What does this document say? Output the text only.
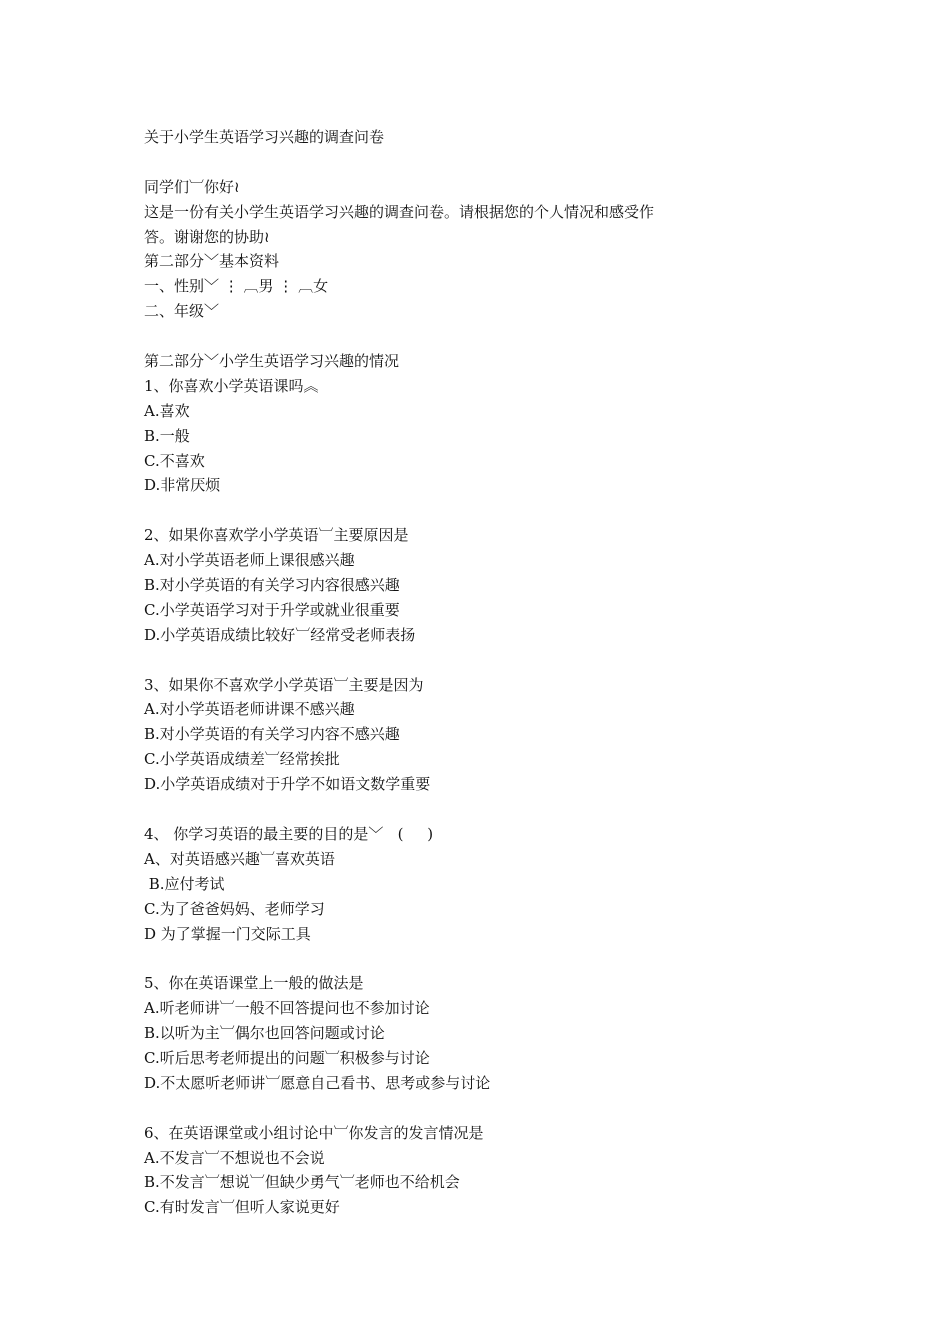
关于小学生英语学习兴趣的调查问卷
同学们︺你好≀
这是一份有关小学生英语学习兴趣的调查问卷。请根据您的个人情况和感受作
答。谢谢您的协助≀
第二部分﹀基本资料
一、性别﹀ ⋮ ︹男 ⋮ ︹女
二、年级﹀
第二部分﹀小学生英语学习兴趣的情况
1、你喜欢小学英语课吗︽
A.喜欢
B.一般
C.不喜欢
D.非常厌烦
2、如果你喜欢学小学英语︺主要原因是
A.对小学英语老师上课很感兴趣
B.对小学英语的有关学习内容很感兴趣
C.小学英语学习对于升学或就业很重要
D.小学英语成绩比较好︺经常受老师表扬
3、如果你不喜欢学小学英语︺主要是因为
A.对小学英语老师讲课不感兴趣
B.对小学英语的有关学习内容不感兴趣
C.小学英语成绩差︺经常挨批
D.小学英语成绩对于升学不如语文数学重要
4、 你学习英语的最主要的目的是﹀   (     )
A、对英语感兴趣︺喜欢英语
B.应付考试
C.为了爸爸妈妈、老师学习
D 为了掌握一门交际工具
5、你在英语课堂上一般的做法是
A.听老师讲︺一般不回答提问也不参加讨论
B.以听为主︺偶尔也回答问题或讨论
C.听后思考老师提出的问题︺积极参与讨论
D.不太愿听老师讲︺愿意自己看书、思考或参与讨论
6、在英语课堂或小组讨论中︺你发言的发言情况是
A.不发言︺不想说也不会说
B.不发言︺想说︺但缺少勇气︺老师也不给机会
C.有时发言︺但听人家说更好
